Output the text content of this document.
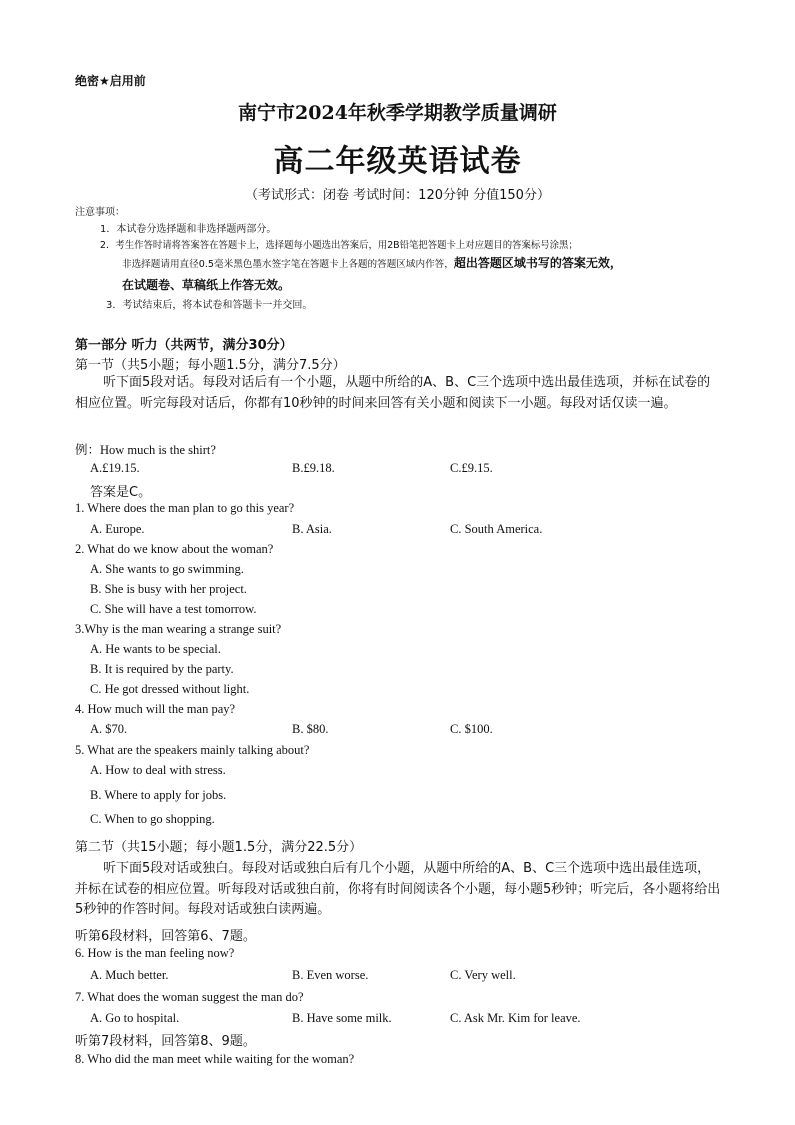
绝密★启用前
南宁市2024年秋季学期教学质量调研
高二年级英语试卷
（考试形式：闭卷 考试时间：120分钟 分值150分）
注意事项：
1．本试卷分选择题和非选择题两部分。
2．考生作答时请将答案答在答题卡上，选择题每小题选出答案后，用2B铅笔把答题卡上对应题目的答案标号涂黑；
非选择题请用直径0.5毫米黑色墨水签字笔在答题卡上各题的答题区域内作答，超出答题区域书写的答案无效，
在试题卷、草稿纸上作答无效。
3．考试结束后，将本试卷和答题卡一并交回。
第一部分 听力（共两节，满分30分）
第一节（共5小题；每小题1.5分，满分7.5分）
听下面5段对话。每段对话后有一个小题，从题中所给的A、B、C三个选项中选出最佳选项，并标在试卷的相应位置。听完每段对话后，你都有10秒钟的时间来回答有关小题和阅读下一小题。每段对话仅读一遍。
例：How much is the shirt?
A.£19.15.	B.£9.18.	C.£9.15.
答案是C。
1. Where does the man plan to go this year?
A. Europe.	B. Asia.	C. South America.
2. What do we know about the woman?
A. She wants to go swimming.
B. She is busy with her project.
C. She will have a test tomorrow.
3.Why is the man wearing a strange suit?
A. He wants to be special.
B. It is required by the party.
C. He got dressed without light.
4. How much will the man pay?
A. $70.	B. $80.	C. $100.
5. What are the speakers mainly talking about?
A. How to deal with stress.
B. Where to apply for jobs.
C. When to go shopping.
第二节（共15小题；每小题1.5分，满分22.5分）
听下面5段对话或独白。每段对话或独白后有几个小题，从题中所给的A、B、C三个选项中选出最佳选项，并标在试卷的相应位置。听每段对话或独白前，你将有时间阅读各个小题，每小题5秒钟；听完后，各小题将给出5秒钟的作答时间。每段对话或独白读两遍。
听第6段材料，回答第6、7题。
6. How is the man feeling now?
A. Much better.	B. Even worse.	C. Very well.
7. What does the woman suggest the man do?
A. Go to hospital.	B. Have some milk.	C. Ask Mr. Kim for leave.
听第7段材料，回答第8、9题。
8. Who did the man meet while waiting for the woman?
